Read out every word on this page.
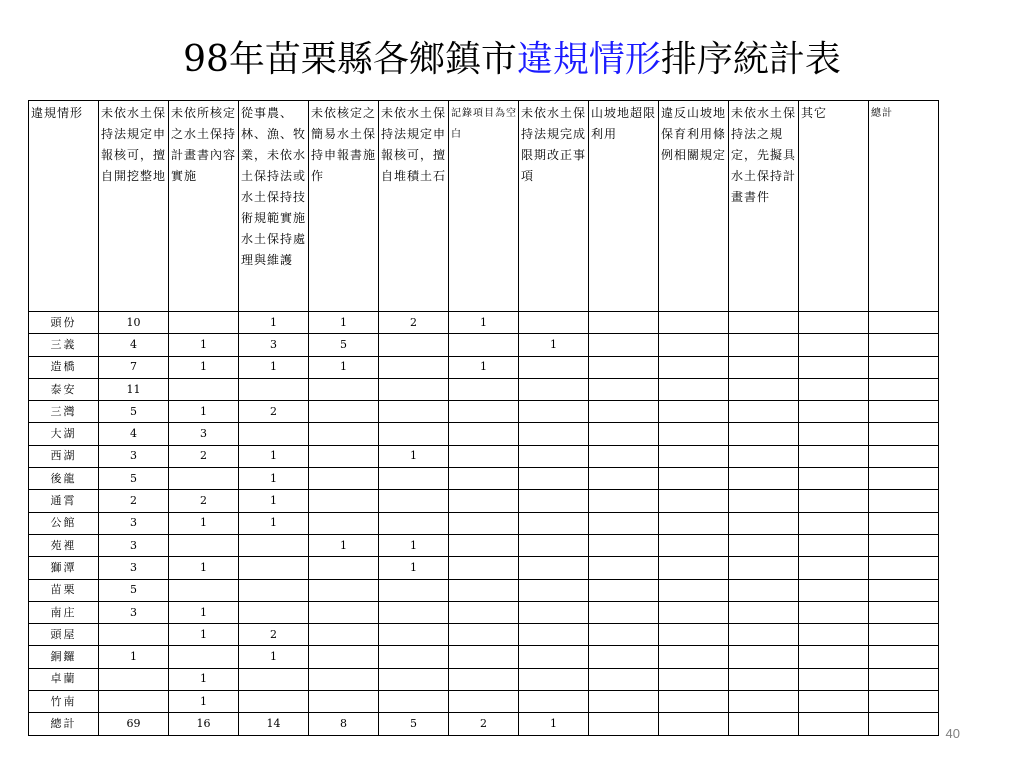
98年苗栗縣各鄉鎮市違規情形排序統計表
違規情形	未依水土保持法規定申報核可，擅自開挖整地	未依所核定之水土保持計畫書內容實施	從事農、林、漁、牧業，未依水土保持法或水土保持技術規範實施水土保持處理與維護	未依核定之簡易水土保持申報書施作	未依水土保持法規定申報核可，擅自堆積土石	記錄項目為空白	未依水土保持法規完成限期改正事項	山坡地超限利用	違反山坡地保育利用條例相關規定	未依水土保持法之規定，先擬具水土保持計畫書件	其它	總計	
頭份	10		1	1	2	1							
三義	4	1	3	5			1						
造橋	7	1	1	1		1							
泰安	11												
三灣	5	1	2										
大湖	4	3											
西湖	3	2	1		1								
後龍	5		1										
通霄	2	2	1										
公館	3	1	1										
苑裡	3			1	1								
獅潭	3	1			1								
苗栗	5												
南庄	3	1											
頭屋		1	2										
銅鑼	1		1										
卓蘭		1											
竹南		1											
總計	69	16	14	8	5	2	1						
40
